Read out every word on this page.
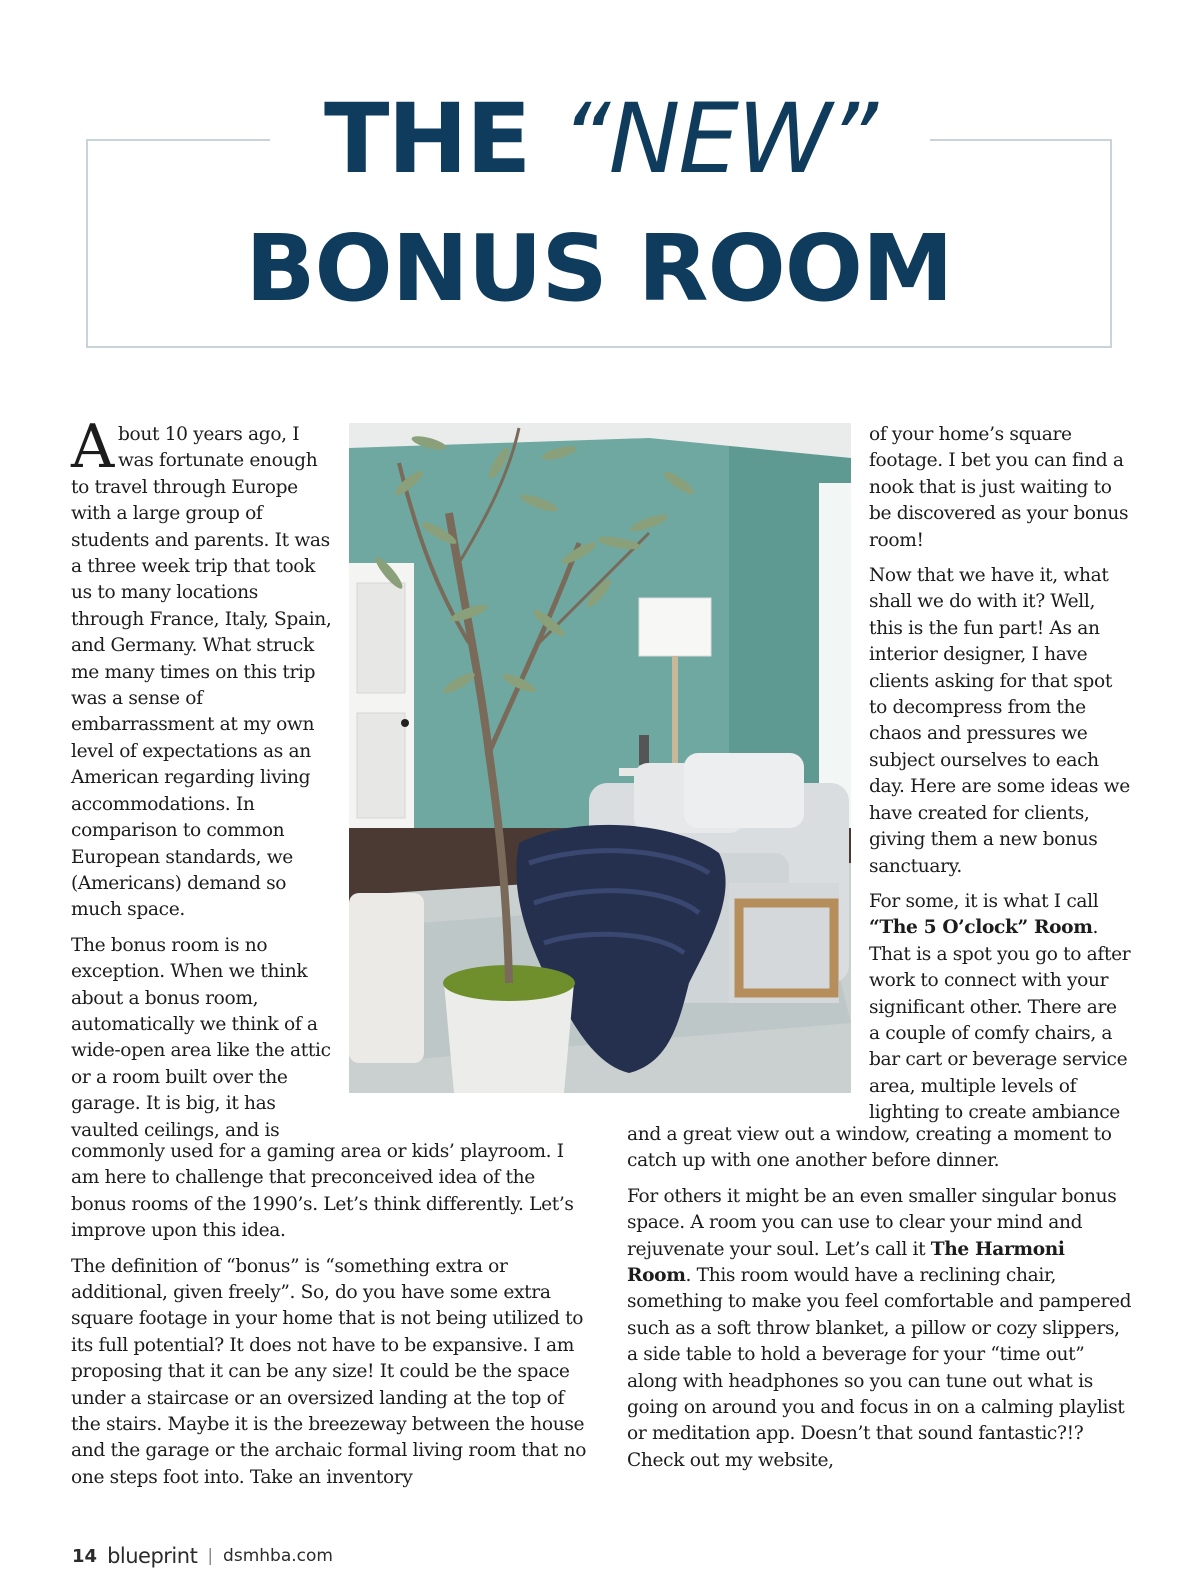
THE “NEW”
BONUS ROOM

About 10 years ago, I was fortunate enough to travel through Europe with a large group of students and parents. It was a three week trip that took us to many locations through France, Italy, Spain, and Germany. What struck me many times on this trip was a sense of embarrassment at my own level of expectations as an American regarding living accommodations. In comparison to common European standards, we (Americans) demand so much space.

The bonus room is no exception. When we think about a bonus room, automatically we think of a wide-open area like the attic or a room built over the garage. It is big, it has vaulted ceilings, and is

commonly used for a gaming area or kids’ playroom. I am here to challenge that preconceived idea of the bonus rooms of the 1990’s. Let’s think differently. Let’s improve upon this idea.

The definition of “bonus” is “something extra or additional, given freely”. So, do you have some extra square footage in your home that is not being utilized to its full potential? It does not have to be expansive. I am proposing that it can be any size! It could be the space under a staircase or an oversized landing at the top of the stairs. Maybe it is the breezeway between the house and the garage or the archaic formal living room that no one steps foot into. Take an inventory

of your home’s square footage. I bet you can find a nook that is just waiting to be discovered as your bonus room!

Now that we have it, what shall we do with it? Well, this is the fun part! As an interior designer, I have clients asking for that spot to decompress from the chaos and pressures we subject ourselves to each day. Here are some ideas we have created for clients, giving them a new bonus sanctuary.

For some, it is what I call “The 5 O’clock” Room. That is a spot you go to after work to connect with your significant other. There are a couple of comfy chairs, a bar cart or beverage service area, multiple levels of lighting to create ambiance

and a great view out a window, creating a moment to catch up with one another before dinner.

For others it might be an even smaller singular bonus space. A room you can use to clear your mind and rejuvenate your soul. Let’s call it The Harmoni Room. This room would have a reclining chair, something to make you feel comfortable and pampered such as a soft throw blanket, a pillow or cozy slippers, a side table to hold a beverage for your “time out” along with headphones so you can tune out what is going on around you and focus in on a calming playlist or meditation app. Doesn’t that sound fantastic?!? Check out my website,

14 blueprint | dsmhba.com
